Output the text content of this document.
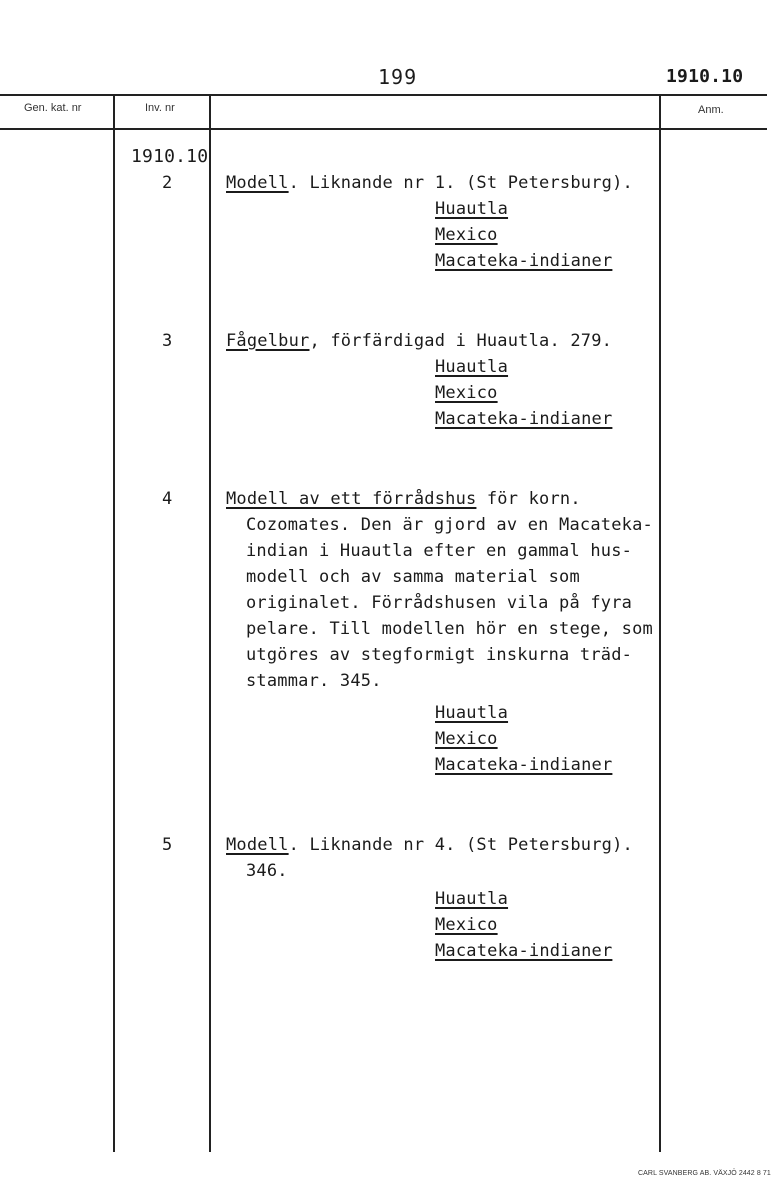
199	1910.10
Gen. kat. nr	Inv. nr	Anm.
1910.10
2	Modell. Liknande nr 1. (St Petersburg).
Huautla
Mexico
Macateka-indianer
3	Fågelbur, förfärdigad i Huautla. 279.
Huautla
Mexico
Macateka-indianer
4	Modell av ett förrådshus för korn.
Cozomates. Den är gjord av en Macateka-
indian i Huautla efter en gammal hus-
modell och av samma material som
originalet. Förrådshusen vila på fyra
pelare. Till modellen hör en stege, som
utgöres av stegformigt inskurna träd-
stammar. 345.
Huautla
Mexico
Macateka-indianer
5	Modell. Liknande nr 4. (St Petersburg).
346.
Huautla
Mexico
Macateka-indianer
CARL SVANBERG AB. VÄXJÖ 2442 8 71
